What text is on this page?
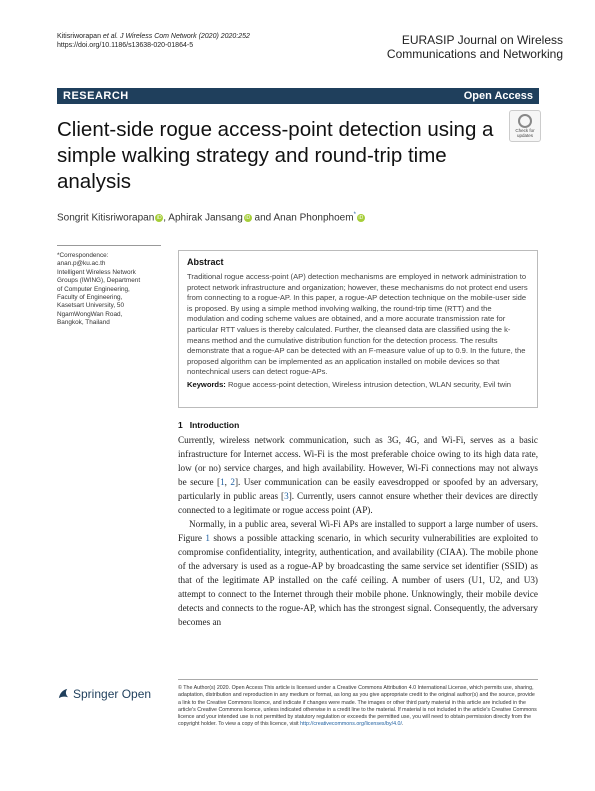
Kitisriworapan et al. J Wireless Com Network (2020) 2020:252
https://doi.org/10.1186/s13638-020-01864-5	EURASIP Journal on Wireless
Communications and Networking
RESEARCH	Open Access
Client-side rogue access-point detection using a simple walking strategy and round-trip time analysis
Check for
updates
Songrit Kitisriworapan iD , Aphirak Jansang iD and Anan Phonphoem*iD
*Correspondence:
anan.p@ku.ac.th
Intelligent Wireless Network
Groups (IWING), Department
of Computer Engineering,
Faculty of Engineering,
Kasetsart University, 50
NgamWongWan Road,
Bangkok, Thailand
Abstract
Traditional rogue access-point (AP) detection mechanisms are employed in network administration to protect network infrastructure and organization; however, these mechanisms do not protect end users from connecting to a rogue-AP. In this paper, a rogue-AP detection technique on the mobile-user side is proposed. By using a simple method involving walking, the round-trip time (RTT) and the modulation and coding scheme values are obtained, and a more accurate transmission rate for particular RTT values is thereby calculated. Further, the cleansed data are classified using the k-means method and the cumulative distribution function for the detection process. The results demonstrate that a rogue-AP can be detected with an F-measure value of up to 0.9. In the future, the proposed algorithm can be implemented as an application installed on mobile devices so that nontechnical users can detect rogue-APs.
Keywords: Rogue access-point detection, Wireless intrusion detection, WLAN security, Evil twin
1 Introduction

Currently, wireless network communication, such as 3G, 4G, and Wi-Fi, serves as a basic infrastructure for Internet access. Wi-Fi is the most preferable choice owing to its high data rate, low (or no) service charges, and high availability. However, Wi-Fi connections may not always be secure [1, 2]. User communication can be easily eavesdropped or spoofed by an adversary, particularly in public areas [3]. Currently, users cannot ensure whether their devices are directly connected to a legitimate or rogue access point (AP).

Normally, in a public area, several Wi-Fi APs are installed to support a large number of users. Figure 1 shows a possible attacking scenario, in which security vulnerabilities are exploited to compromise confidentiality, integrity, authentication, and availability (CIAA). The mobile phone of the adversary is used as a rogue-AP by broadcasting the same service set identifier (SSID) as that of the legitimate AP installed on the café ceiling. A number of users (U1, U2, and U3) attempt to connect to the Internet through their mobile phone. Unknowingly, their mobile device detects and connects to the rogue-AP, which has the strongest signal. Consequently, the adversary becomes an

Springer Open	© The Author(s) 2020. Open Access This article is licensed under a Creative Commons Attribution 4.0 International License, which permits use, sharing, adaptation, distribution and reproduction in any medium or format, as long as you give appropriate credit to the original author(s) and the source, provide a link to the Creative Commons licence, and indicate if changes were made. The images or other third party material in this article are included in the article's Creative Commons licence, unless indicated otherwise in a credit line to the material. If material is not included in the article's Creative Commons licence and your intended use is not permitted by statutory regulation or exceeds the permitted use, you will need to obtain permission directly from the copyright holder. To view a copy of this licence, visit http://creativecommons.org/licenses/by/4.0/.
